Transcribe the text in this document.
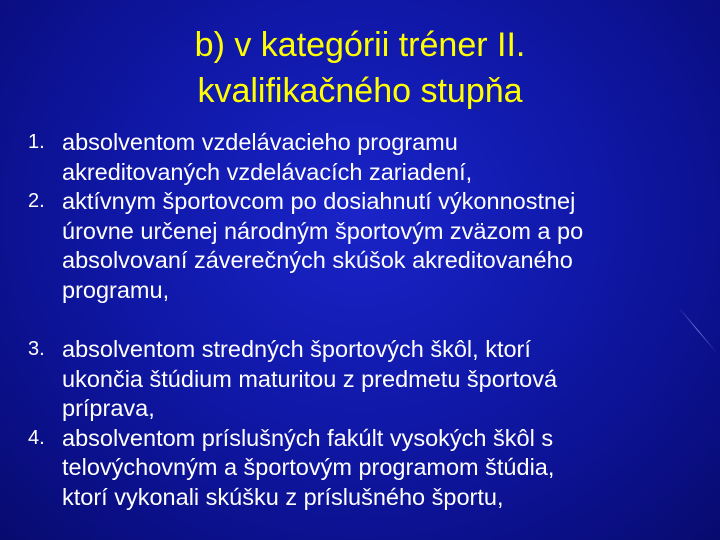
b) v kategórii tréner II.
kvalifikačného stupňa
1. absolventom vzdelávacieho programu
akreditovaných vzdelávacích zariadení,
2. aktívnym športovcom po dosiahnutí výkonnostnej
úrovne určenej národným športovým zväzom a po
absolvovaní záverečných skúšok akreditovaného
programu,
3. absolventom stredných športových škôl, ktorí
ukončia štúdium maturitou z predmetu športová
príprava,
4. absolventom príslušných fakúlt vysokých škôl s
telovýchovným a športovým programom štúdia,
ktorí vykonali skúšku z príslušného športu,
